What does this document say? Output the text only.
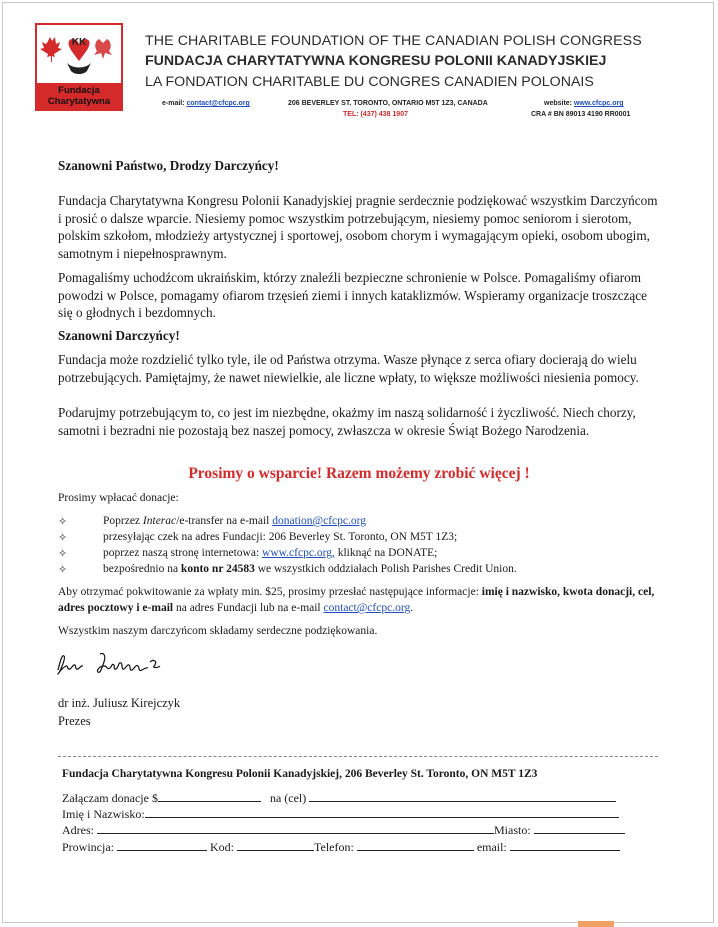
KK
Fundacja
Charytatywna
THE CHARITABLE FOUNDATION OF THE CANADIAN POLISH CONGRESS
FUNDACJA CHARYTATYWNA KONGRESU POLONII KANADYJSKIEJ
LA FONDATION CHARITABLE DU CONGRES CANADIEN POLONAIS
e-mail: contact@cfcpc.org	206 BEVERLEY ST. TORONTO, ONTARIO M5T 1Z3, CANADA
TEL: (437) 438 1907
website: www.cfcpc.org
CRA # BN 89013 4190 RR0001

Szanowni Państwo, Drodzy Darczyńcy!

Fundacja Charytatywna Kongresu Polonii Kanadyjskiej pragnie serdecznie podziękować wszystkim Darczyńcom i prosić o dalsze wparcie. Niesiemy pomoc wszystkim potrzebującym, niesiemy pomoc seniorom i sierotom, polskim szkołom, młodzieży artystycznej i sportowej, osobom chorym i wymagającym opieki, osobom ubogim, samotnym i niepełnosprawnym.

Pomagaliśmy uchodźcom ukraińskim, którzy znaleźli bezpieczne schronienie w Polsce. Pomagaliśmy ofiarom powodzi w Polsce, pomagamy ofiarom trzęsień ziemi i innych kataklizmów. Wspieramy organizacje troszczące się o głodnych i bezdomnych.

Szanowni Darczyńcy!

Fundacja może rozdzielić tylko tyle, ile od Państwa otrzyma. Wasze płynące z serca ofiary docierają do wielu potrzebujących. Pamiętajmy, że nawet niewielkie, ale liczne wpłaty, to większe możliwości niesienia pomocy.

Podarujmy potrzebującym to, co jest im niezbędne, okażmy im naszą solidarność i życzliwość. Niech chorzy, samotni i bezradni nie pozostają bez naszej pomocy, zwłaszcza w okresie Świąt Bożego Narodzenia.

Prosimy o wsparcie! Razem możemy zrobić więcej !
Prosimy wpłacać donacje:
✧	Poprzez Interac/e-transfer na e-mail donation@cfcpc.org
✧	przesyłając czek na adres Fundacji: 206 Beverley St. Toronto, ON M5T 1Z3;
✧	poprzez naszą stronę internetowa: www.cfcpc.org, kliknąć na DONATE;
✧	bezpośrednio na konto nr 24583 we wszystkich oddziałach Polish Parishes Credit Union.

Aby otrzymać pokwitowanie za wpłaty min. $25, prosimy przesłać następujące informacje: imię i nazwisko, kwota donacji, cel, adres pocztowy i e-mail na adres Fundacji lub na e-mail contact@cfcpc.org.

Wszystkim naszym darczyńcom składamy serdeczne podziękowania.
dr inż. Juliusz Kirejczyk
Prezes
Fundacja Charytatywna Kongresu Polonii Kanadyjskiej, 206 Beverley St. Toronto, ON M5T 1Z3
Załączam donacje $	na (cel)
Imię i Nazwisko:
Adres:	Miasto:
Prowincja:	Kod:	Telefon:	email:
